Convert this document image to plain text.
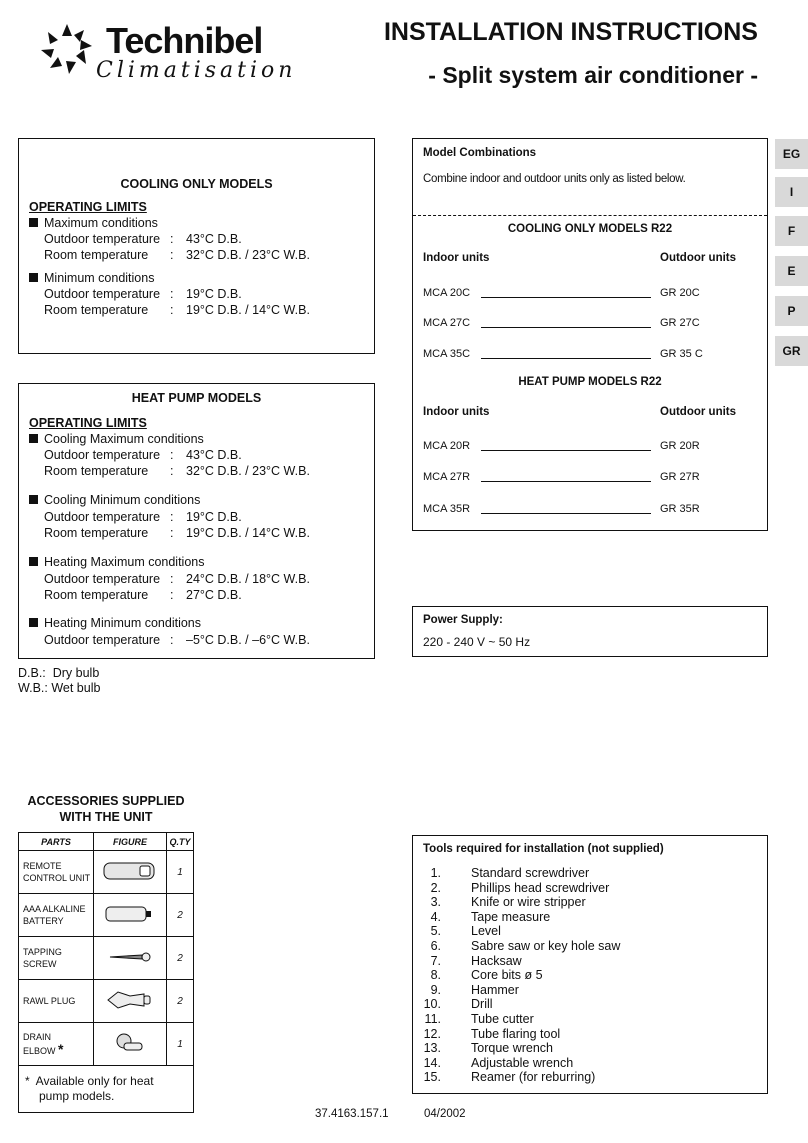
Technibel
Climatisation
INSTALLATION INSTRUCTIONS
- Split system air conditioner -
COOLING ONLY MODELS
OPERATING LIMITS
Maximum conditions
Outdoor temperature : 43°C D.B.
Room temperature : 32°C D.B. / 23°C W.B.
Minimum conditions
Outdoor temperature : 19°C D.B.
Room temperature : 19°C D.B. / 14°C W.B.
HEAT PUMP MODELS
OPERATING LIMITS
Cooling Maximum conditions
Outdoor temperature : 43°C D.B.
Room temperature : 32°C D.B. / 23°C W.B.
Cooling Minimum conditions
Outdoor temperature : 19°C D.B.
Room temperature : 19°C D.B. / 14°C W.B.
Heating Maximum conditions
Outdoor temperature : 24°C D.B. / 18°C W.B.
Room temperature : 27°C D.B.
Heating Minimum conditions
Outdoor temperature : –5°C D.B. / –6°C W.B.
D.B.:  Dry bulb
W.B.: Wet bulb
Model Combinations
Combine indoor and outdoor units only as listed below.
COOLING ONLY MODELS R22
Indoor units	Outdoor units
MCA 20C	GR 20C
MCA 27C	GR 27C
MCA 35C	GR 35 C
HEAT PUMP MODELS R22
Indoor units	Outdoor units
MCA 20R	GR 20R
MCA 27R	GR 27R
MCA 35R	GR 35R
Power Supply:
220 - 240 V ~ 50 Hz
EG
I
F
E
P
GR
ACCESSORIES SUPPLIED
WITH THE UNIT
PARTS	FIGURE	Q.TY
REMOTE
CONTROL UNIT		1
AAA ALKALINE
BATTERY		2
TAPPING
SCREW		2
RAWL PLUG		2
DRAIN
ELBOW *		1
*  Available only for heat
pump models.		
Tools required for installation (not supplied)
1. Standard screwdriver
2. Phillips head screwdriver
3. Knife or wire stripper
4. Tape measure
5. Level
6. Sabre saw or key hole saw
7. Hacksaw
8. Core bits ø 5
9. Hammer
10. Drill
11. Tube cutter
12. Tube flaring tool
13. Torque wrench
14. Adjustable wrench
15. Reamer (for reburring)
37.4163.157.1	04/2002
